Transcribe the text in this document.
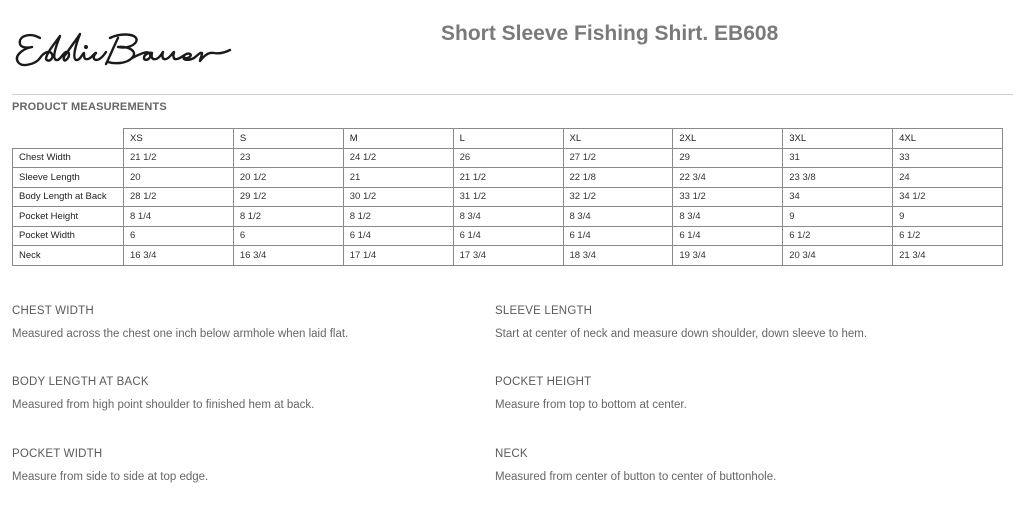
Short Sleeve Fishing Shirt. EB608
PRODUCT MEASUREMENTS
	XS	S	M	L	XL	2XL	3XL	4XL
Chest Width	21 1/2	23	24 1/2	26	27 1/2	29	31	33
Sleeve Length	20	20 1/2	21	21 1/2	22 1/8	22 3/4	23 3/8	24
Body Length at Back	28 1/2	29 1/2	30 1/2	31 1/2	32 1/2	33 1/2	34	34 1/2
Pocket Height	8 1/4	8 1/2	8 1/2	8 3/4	8 3/4	8 3/4	9	9
Pocket Width	6	6	6 1/4	6 1/4	6 1/4	6 1/4	6 1/2	6 1/2
Neck	16 3/4	16 3/4	17 1/4	17 3/4	18 3/4	19 3/4	20 3/4	21 3/4
CHEST WIDTH
Measured across the chest one inch below armhole when laid flat.
SLEEVE LENGTH
Start at center of neck and measure down shoulder, down sleeve to hem.
BODY LENGTH AT BACK
Measured from high point shoulder to finished hem at back.
POCKET HEIGHT
Measure from top to bottom at center.
POCKET WIDTH
Measure from side to side at top edge.
NECK
Measured from center of button to center of buttonhole.
